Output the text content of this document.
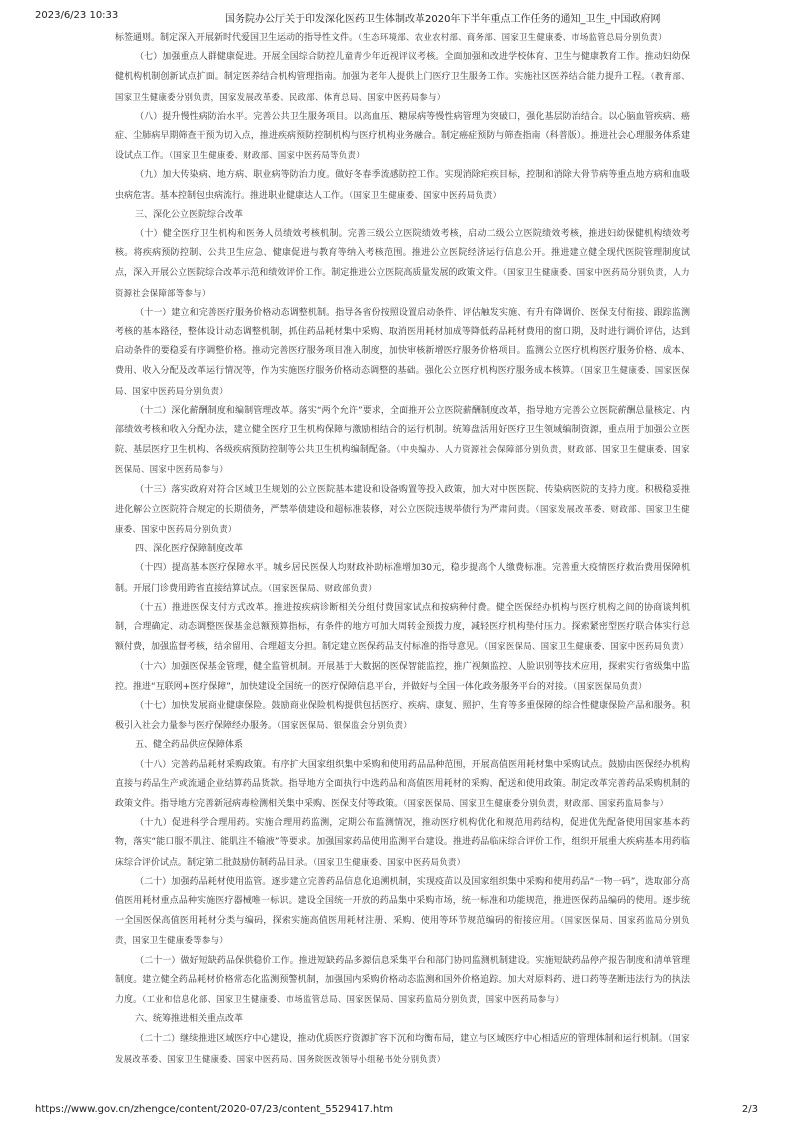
2023/6/23 10:33	国务院办公厅关于印发深化医药卫生体制改革2020年下半年重点工作任务的通知_卫生_中国政府网

标签通则。制定深入开展新时代爱国卫生运动的指导性文件。（生态环境部、农业农村部、商务部、国家卫生健康委、市场监管总局分别负责）

（七）加强重点人群健康促进。开展全国综合防控儿童青少年近视评议考核。全面加强和改进学校体育、卫生与健康教育工作。推动妇幼保健机构机制创新试点扩面。制定医养结合机构管理指南。加强为老年人提供上门医疗卫生服务工作。实施社区医养结合能力提升工程。（教育部、国家卫生健康委分别负责，国家发展改革委、民政部、体育总局、国家中医药局参与）

（八）提升慢性病防治水平。完善公共卫生服务项目。以高血压、糖尿病等慢性病管理为突破口，强化基层防治结合。以心脑血管疾病、癌症、尘肺病早期筛查干预为切入点，推进疾病预防控制机构与医疗机构业务融合。制定癌症预防与筛查指南（科普版）。推进社会心理服务体系建设试点工作。（国家卫生健康委、财政部、国家中医药局等负责）

（九）加大传染病、地方病、职业病等防治力度。做好冬春季流感防控工作。实现消除疟疾目标，控制和消除大骨节病等重点地方病和血吸虫病危害。基本控制包虫病流行。推进职业健康达人工作。（国家卫生健康委、国家中医药局负责）

三、深化公立医院综合改革

（十）健全医疗卫生机构和医务人员绩效考核机制。完善三级公立医院绩效考核，启动二级公立医院绩效考核，推进妇幼保健机构绩效考核。将疾病预防控制、公共卫生应急、健康促进与教育等纳入考核范围。推进公立医院经济运行信息公开。推进建立健全现代医院管理制度试点，深入开展公立医院综合改革示范和绩效评价工作。制定推进公立医院高质量发展的政策文件。（国家卫生健康委、国家中医药局分别负责，人力资源社会保障部等参与）

（十一）建立和完善医疗服务价格动态调整机制。指导各省份按照设置启动条件、评估触发实施、有升有降调价、医保支付衔接、跟踪监测考核的基本路径，整体设计动态调整机制，抓住药品耗材集中采购、取消医用耗材加成等降低药品耗材费用的窗口期，及时进行调价评估，达到启动条件的要稳妥有序调整价格。推动完善医疗服务项目准入制度，加快审核新增医疗服务价格项目。监测公立医疗机构医疗服务价格、成本、费用、收入分配及改革运行情况等，作为实施医疗服务价格动态调整的基础。强化公立医疗机构医疗服务成本核算。（国家卫生健康委、国家医保局、国家中医药局分别负责）

（十二）深化薪酬制度和编制管理改革。落实“两个允许”要求，全面推开公立医院薪酬制度改革，指导地方完善公立医院薪酬总量核定、内部绩效考核和收入分配办法，建立健全医疗卫生机构保障与激励相结合的运行机制。统筹盘活用好医疗卫生领域编制资源，重点用于加强公立医院、基层医疗卫生机构、各级疾病预防控制等公共卫生机构编制配备。（中央编办、人力资源社会保障部分别负责，财政部、国家卫生健康委、国家医保局、国家中医药局参与）

（十三）落实政府对符合区域卫生规划的公立医院基本建设和设备购置等投入政策，加大对中医医院、传染病医院的支持力度。积极稳妥推进化解公立医院符合规定的长期债务，严禁举债建设和超标准装修，对公立医院违规举债行为严肃问责。（国家发展改革委、财政部、国家卫生健康委、国家中医药局分别负责）

四、深化医疗保障制度改革

（十四）提高基本医疗保障水平。城乡居民医保人均财政补助标准增加30元，稳步提高个人缴费标准。完善重大疫情医疗救治费用保障机制。开展门诊费用跨省直接结算试点。（国家医保局、财政部负责）

（十五）推进医保支付方式改革。推进按疾病诊断相关分组付费国家试点和按病种付费。健全医保经办机构与医疗机构之间的协商谈判机制，合理确定、动态调整医保基金总额预算指标，有条件的地方可加大周转金预拨力度，减轻医疗机构垫付压力。探索紧密型医疗联合体实行总额付费，加强监督考核，结余留用、合理超支分担。制定建立医保药品支付标准的指导意见。（国家医保局、国家卫生健康委、国家中医药局负责）

（十六）加强医保基金管理，健全监管机制。开展基于大数据的医保智能监控，推广视频监控、人脸识别等技术应用，探索实行省级集中监控。推进“互联网+医疗保障”，加快建设全国统一的医疗保障信息平台，并做好与全国一体化政务服务平台的对接。（国家医保局负责）

（十七）加快发展商业健康保险。鼓励商业保险机构提供包括医疗、疾病、康复、照护、生育等多重保障的综合性健康保险产品和服务。积极引入社会力量参与医疗保障经办服务。（国家医保局、银保监会分别负责）

五、健全药品供应保障体系

（十八）完善药品耗材采购政策。有序扩大国家组织集中采购和使用药品品种范围，开展高值医用耗材集中采购试点。鼓励由医保经办机构直接与药品生产或流通企业结算药品货款。指导地方全面执行中选药品和高值医用耗材的采购、配送和使用政策。制定改革完善药品采购机制的政策文件。指导地方完善新冠病毒检测相关集中采购、医保支付等政策。（国家医保局、国家卫生健康委分别负责，财政部、国家药监局参与）

（十九）促进科学合理用药。实施合理用药监测，定期公布监测情况，推动医疗机构优化和规范用药结构，促进优先配备使用国家基本药物，落实“能口服不肌注、能肌注不输液”等要求。加强国家药品使用监测平台建设。推进药品临床综合评价工作，组织开展重大疾病基本用药临床综合评价试点。制定第二批鼓励仿制药品目录。（国家卫生健康委、国家中医药局负责）

（二十）加强药品耗材使用监管。逐步建立完善药品信息化追溯机制，实现疫苗以及国家组织集中采购和使用药品“一物一码”，选取部分高值医用耗材重点品种实施医疗器械唯一标识。建设全国统一开放的药品集中采购市场，统一标准和功能规范，推进医保药品编码的使用。逐步统一全国医保高值医用耗材分类与编码，探索实施高值医用耗材注册、采购、使用等环节规范编码的衔接应用。（国家医保局、国家药监局分别负责，国家卫生健康委等参与）

（二十一）做好短缺药品保供稳价工作。推进短缺药品多源信息采集平台和部门协同监测机制建设。实施短缺药品停产报告制度和清单管理制度。建立健全药品耗材价格常态化监测预警机制，加强国内采购价格动态监测和国外价格追踪。加大对原料药、进口药等垄断违法行为的执法力度。（工业和信息化部、国家卫生健康委、市场监管总局、国家医保局、国家药监局分别负责，国家中医药局参与）

六、统筹推进相关重点改革

（二十二）继续推进区域医疗中心建设，推动优质医疗资源扩容下沉和均衡布局，建立与区域医疗中心相适应的管理体制和运行机制。（国家发展改革委、国家卫生健康委、国家中医药局、国务院医改领导小组秘书处分别负责）

https://www.gov.cn/zhengce/content/2020-07/23/content_5529417.htm	2/3
